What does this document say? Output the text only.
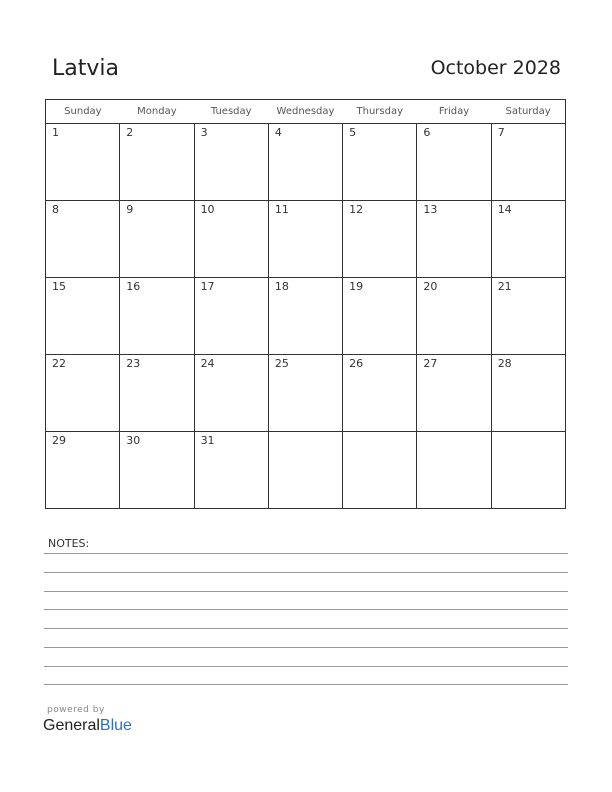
Latvia	October 2028
Sunday	Monday	Tuesday	Wednesday	Thursday	Friday	Saturday

1	2	3	4	5	6	7

8	9	10	11	12	13	14

15	16	17	18	19	20	21

22	23	24	25	26	27	28

29	30	31				

NOTES:
powered by
GeneralBlue
